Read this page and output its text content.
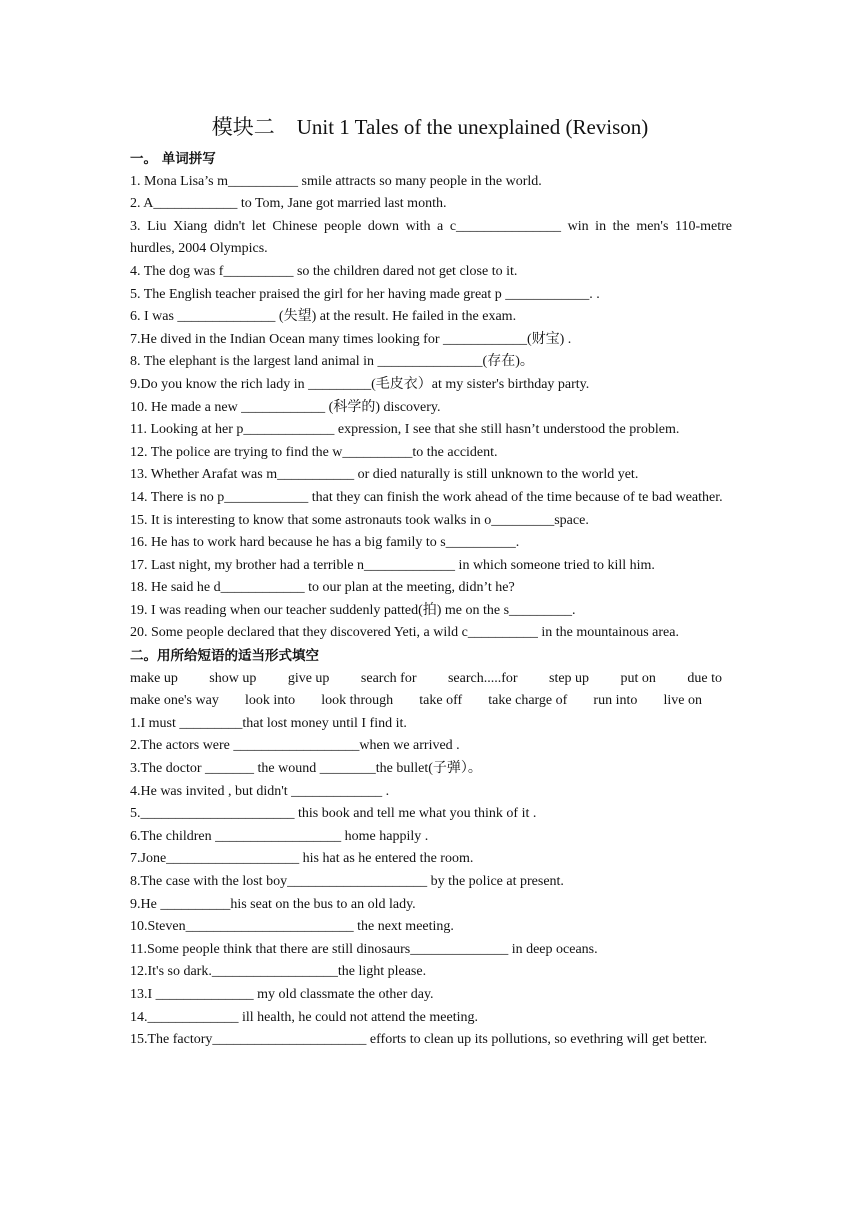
模块二 Unit 1 Tales of the unexplained (Revison)
一。 单词拼写
1. Mona Lisa’s m__________ smile attracts so many people in the world.
2. A____________ to Tom, Jane got married last month.
3. Liu Xiang didn't let Chinese people down with a c_______________ win in the men's 110-metre hurdles, 2004 Olympics.
4. The dog was f__________ so the children dared not get close to it.
5. The English teacher praised the girl for her having made great p ____________. .
6. I was ______________ (失望) at the result. He failed in the exam.
7.He dived in the Indian Ocean many times looking for ____________(财宝) .
8. The elephant is the largest land animal in _______________(存在)。
9.Do you know the rich lady in _________(毛皮衣）at my sister's birthday party.
10. He made a new ____________ (科学的) discovery.
11. Looking at her p_____________ expression, I see that she still hasn’t understood the problem.
12. The police are trying to find the w__________to the accident.
13. Whether Arafat was m___________ or died naturally is still unknown to the world yet.
14. There is no p____________ that they can finish the work ahead of the time because of te bad weather.
15. It is interesting to know that some astronauts took walks in o_________space.
16. He has to work hard because he has a big family to s__________.
17. Last night, my brother had a terrible n_____________ in which someone tried to kill him.
18. He said he d____________ to our plan at the meeting, didn’t he?
19. I was reading when our teacher suddenly patted(拍) me on the s_________.
20. Some people declared that they discovered Yeti, a wild c__________ in the mountainous area.
二。用所给短语的适当形式填空
make up show up give up search for search.....for step up put on due to
make one's way look into look through take off take charge of run into live on
1.I must _________that lost money until I find it.
2.The actors were __________________when we arrived .
3.The doctor _______ the wound ________the bullet(子弹）。
4.He was invited , but didn't _____________ .
5.______________________ this book and tell me what you think of it .
6.The children __________________ home happily .
7.Jone___________________ his hat as he entered the room.
8.The case with the lost boy____________________ by the police at present.
9.He __________his seat on the bus to an old lady.
10.Steven________________________ the next meeting.
11.Some people think that there are still dinosaurs______________ in deep oceans.
12.It's so dark.__________________the light please.
13.I ______________ my old classmate the other day.
14._____________ ill health, he could not attend the meeting.
15.The factory______________________ efforts to clean up its pollutions, so evethring will get better.
